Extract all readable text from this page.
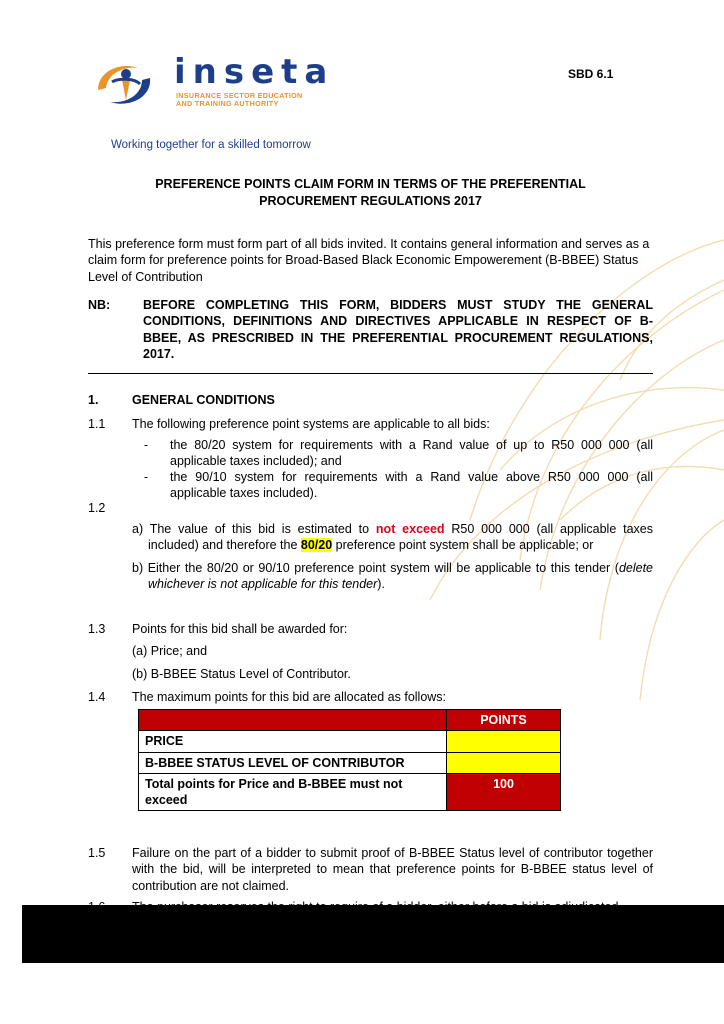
inseta
INSURANCE SECTOR EDUCATION
AND TRAINING AUTHORITY
Working together for a skilled tomorrow
SBD 6.1
PREFERENCE POINTS CLAIM FORM IN TERMS OF THE PREFERENTIAL
PROCUREMENT REGULATIONS 2017
This preference form must form part of all bids invited. It contains general information and serves as a claim form for preference points for Broad-Based Black Economic Empowerement (B-BBEE) Status Level of Contribution
NB:	BEFORE COMPLETING THIS FORM, BIDDERS MUST STUDY THE GENERAL CONDITIONS, DEFINITIONS AND DIRECTIVES APPLICABLE IN RESPECT OF B-BBEE, AS PRESCRIBED IN THE PREFERENTIAL PROCUREMENT REGULATIONS, 2017.
1.	GENERAL CONDITIONS
1.1 The following preference point systems are applicable to all bids:
- the 80/20 system for requirements with a Rand value of up to R50 000 000 (all applicable taxes included); and
- the 90/10 system for requirements with a Rand value above R50 000 000 (all applicable taxes included).
1.2
a) The value of this bid is estimated to not exceed R50 000 000 (all applicable taxes included) and therefore the 80/20 preference point system shall be applicable; or
b) Either the 80/20 or 90/10 preference point system will be applicable to this tender (delete whichever is not applicable for this tender).
1.3 Points for this bid shall be awarded for:
(a) Price; and
(b) B-BBEE Status Level of Contributor.
1.4 The maximum points for this bid are allocated as follows:
	POINTS
PRICE	
B-BBEE STATUS LEVEL OF CONTRIBUTOR	
Total points for Price and B-BBEE must not exceed	100
1.5 Failure on the part of a bidder to submit proof of B-BBEE Status level of contributor together with the bid, will be interpreted to mean that preference points for B-BBEE status level of contribution are not claimed.
